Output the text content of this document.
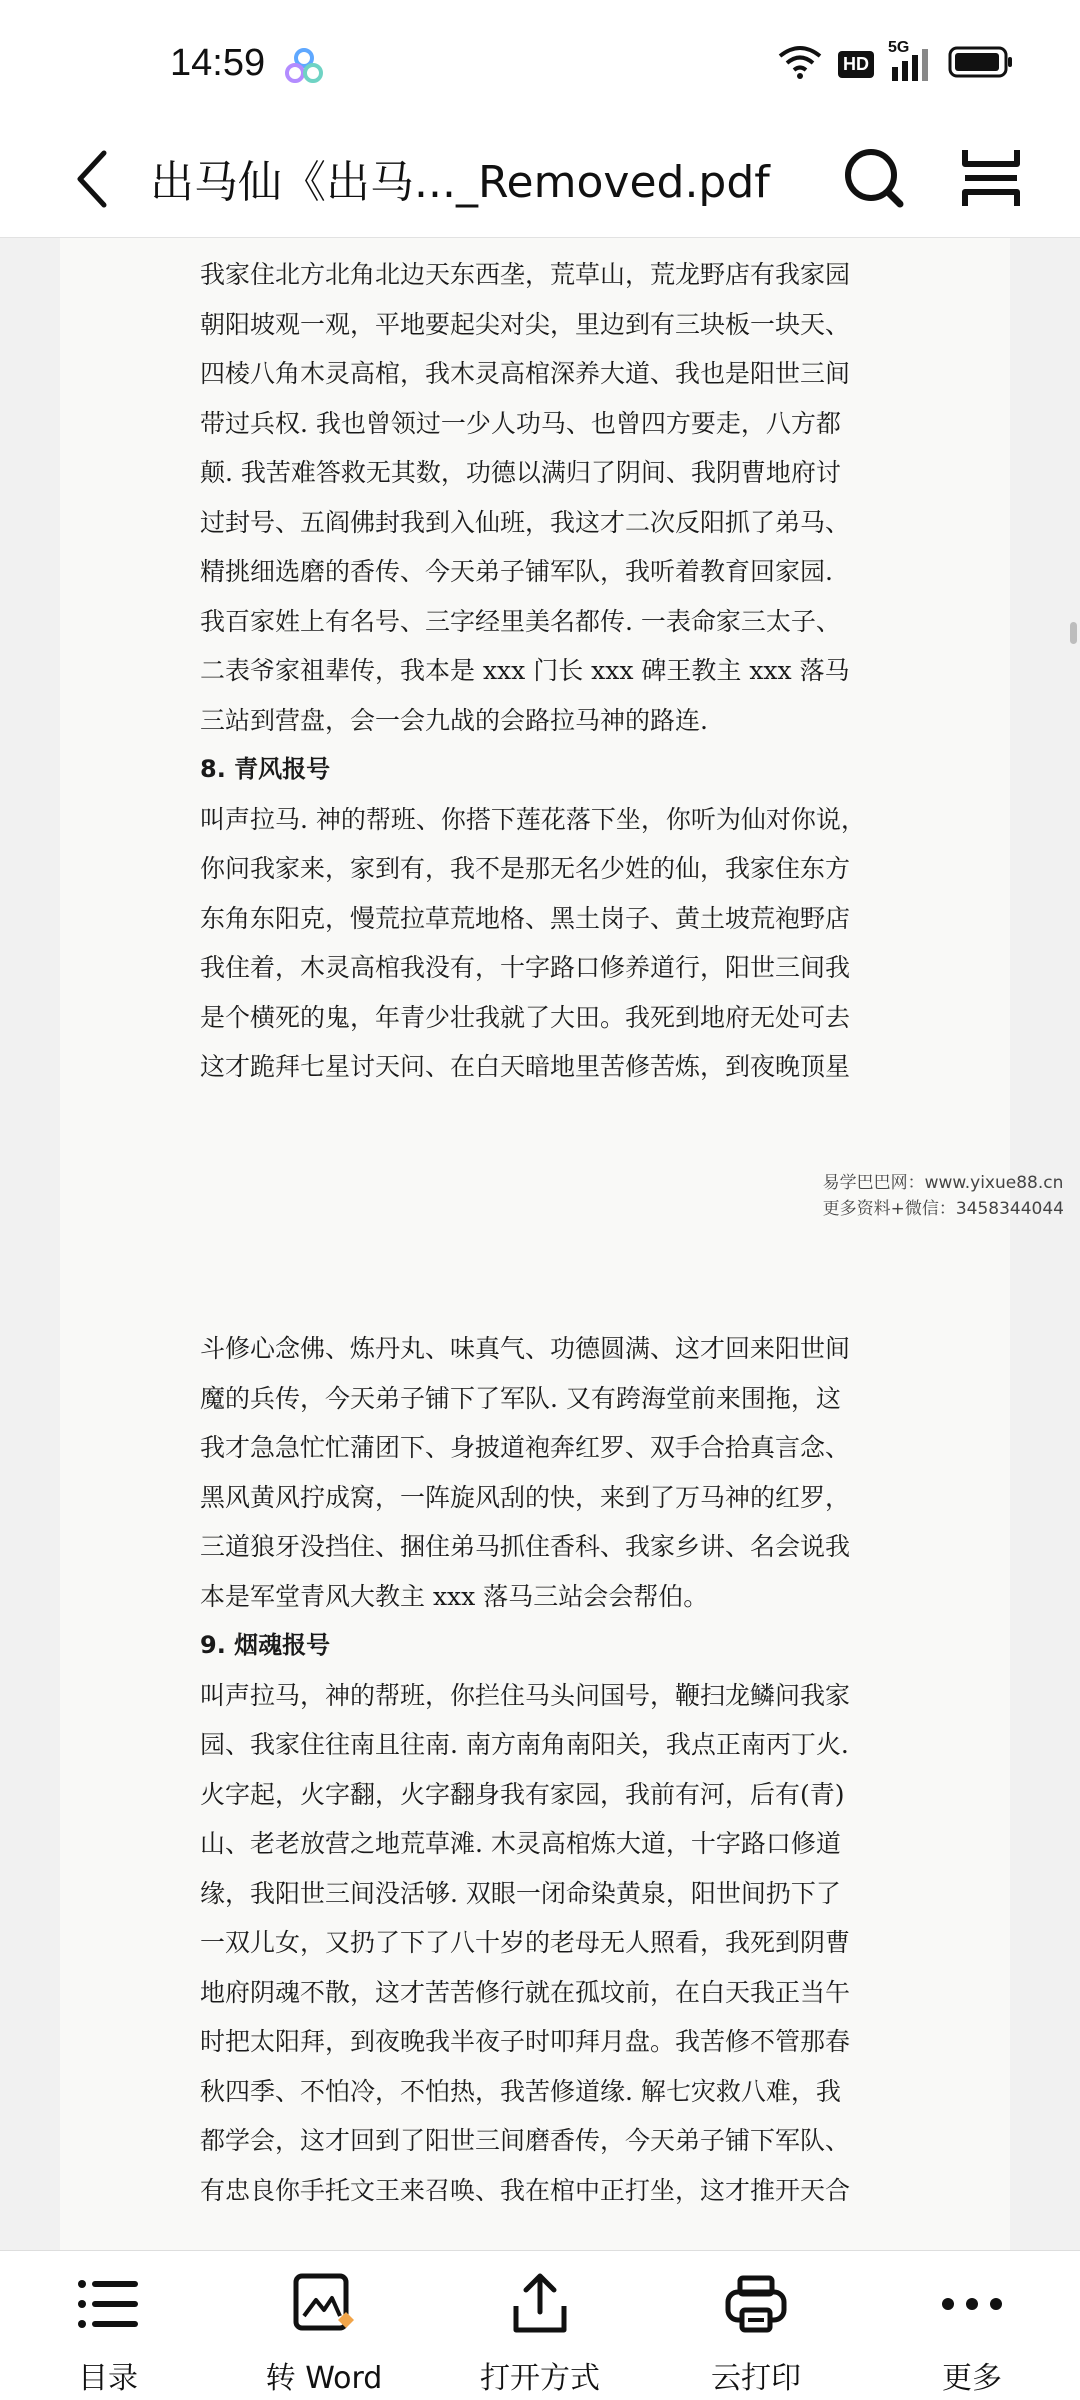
14:59	HD
5G
出马仙《出马..._Removed.pdf
我家住北方北角北边天东西垄，荒草山，荒龙野店有我家园
朝阳坡观一观，平地要起尖对尖，里边到有三块板一块天、
四棱八角木灵高棺，我木灵高棺深养大道、我也是阳世三间
带过兵权. 我也曾领过一少人功马、也曾四方要走，八方都
颠. 我苦难答救无其数，功德以满归了阴间、我阴曹地府讨
过封号、五阎佛封我到入仙班，我这才二次反阳抓了弟马、
精挑细选磨的香传、今天弟子铺军队，我听着教育回家园.
我百家姓上有名号、三字经里美名都传. 一表命家三太子、
二表爷家祖辈传，我本是 xxx 门长 xxx 碑王教主 xxx 落马
三站到营盘，会一会九战的会路拉马神的路连.
8. 青风报号
叫声拉马. 神的帮班、你搭下莲花落下坐，你听为仙对你说，
你问我家来，家到有，我不是那无名少姓的仙，我家住东方
东角东阳克，慢荒拉草荒地格、黑土岗子、黄土坡荒袍野店
我住着，木灵高棺我没有，十字路口修养道行，阳世三间我
是个横死的鬼，年青少壮我就了大田。我死到地府无处可去
这才跪拜七星讨天问、在白天暗地里苦修苦炼，到夜晚顶星
易学巴巴网：www.yixue88.cn
更多资料+微信：3458344044
斗修心念佛、炼丹丸、味真气、功德圆满、这才回来阳世间
魔的兵传，今天弟子铺下了军队. 又有跨海堂前来围拖，这
我才急急忙忙蒲团下、身披道袍奔红罗、双手合拾真言念、
黑风黄风拧成窝，一阵旋风刮的快，来到了万马神的红罗，
三道狼牙没挡住、捆住弟马抓住香科、我家乡讲、名会说我
本是军堂青风大教主 xxx 落马三站会会帮伯。
9. 烟魂报号
叫声拉马，神的帮班，你拦住马头问国号，鞭扫龙鳞问我家
园、我家住往南且往南. 南方南角南阳关，我点正南丙丁火.
火字起，火字翻，火字翻身我有家园，我前有河，后有(青)
山、老老放营之地荒草滩. 木灵高棺炼大道，十字路口修道
缘，我阳世三间没活够. 双眼一闭命染黄泉，阳世间扔下了
一双儿女，又扔了下了八十岁的老母无人照看，我死到阴曹
地府阴魂不散，这才苦苦修行就在孤坟前，在白天我正当午
时把太阳拜，到夜晚我半夜子时叩拜月盘。我苦修不管那春
秋四季、不怕冷，不怕热，我苦修道缘. 解七灾救八难，我
都学会，这才回到了阳世三间磨香传，今天弟子铺下军队、
有忠良你手托文王来召唤、我在棺中正打坐，这才推开天合
目录	转 Word	打开方式	云打印	更多
